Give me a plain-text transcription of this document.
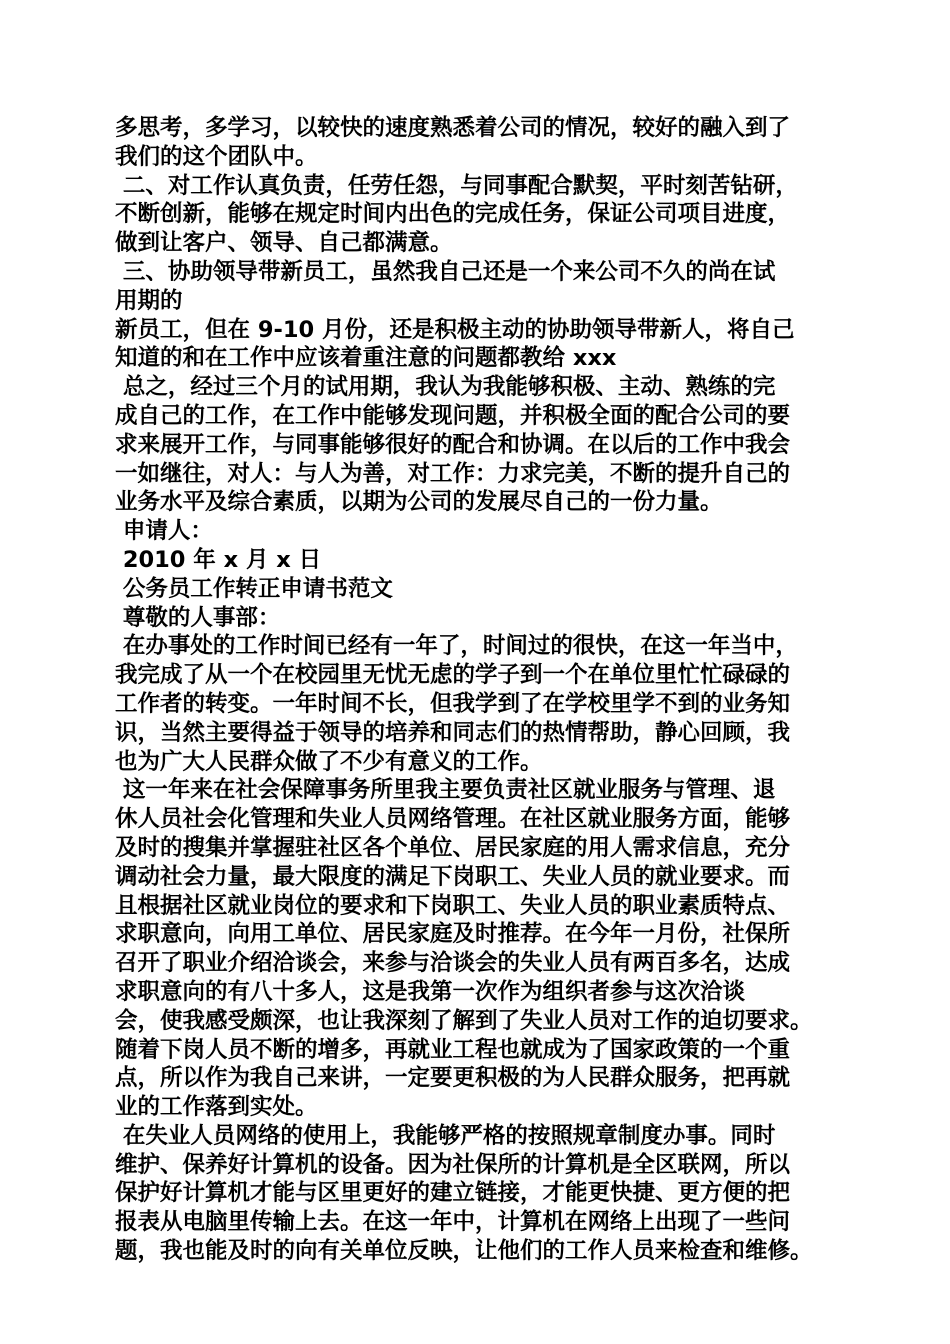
多思考，多学习，以较快的速度熟悉着公司的情况，较好的融入到了
我们的这个团队中。
二、对工作认真负责，任劳任怨，与同事配合默契，平时刻苦钻研，
不断创新，能够在规定时间内出色的完成任务，保证公司项目进度，
做到让客户、领导、自己都满意。
三、协助领导带新员工，虽然我自己还是一个来公司不久的尚在试
用期的
新员工，但在 9-10 月份，还是积极主动的协助领导带新人，将自己
知道的和在工作中应该着重注意的问题都教给 xxx
总之，经过三个月的试用期，我认为我能够积极、主动、熟练的完
成自己的工作，在工作中能够发现问题，并积极全面的配合公司的要
求来展开工作，与同事能够很好的配合和协调。在以后的工作中我会
一如继往，对人：与人为善，对工作：力求完美，不断的提升自己的
业务水平及综合素质，以期为公司的发展尽自己的一份力量。
申请人：
2010 年 x 月 x 日
公务员工作转正申请书范文
尊敬的人事部：
在办事处的工作时间已经有一年了，时间过的很快，在这一年当中，
我完成了从一个在校园里无忧无虑的学子到一个在单位里忙忙碌碌的
工作者的转变。一年时间不长，但我学到了在学校里学不到的业务知
识，当然主要得益于领导的培养和同志们的热情帮助，静心回顾，我
也为广大人民群众做了不少有意义的工作。
这一年来在社会保障事务所里我主要负责社区就业服务与管理、退
休人员社会化管理和失业人员网络管理。在社区就业服务方面，能够
及时的搜集并掌握驻社区各个单位、居民家庭的用人需求信息，充分
调动社会力量，最大限度的满足下岗职工、失业人员的就业要求。而
且根据社区就业岗位的要求和下岗职工、失业人员的职业素质特点、
求职意向，向用工单位、居民家庭及时推荐。在今年一月份，社保所
召开了职业介绍洽谈会，来参与洽谈会的失业人员有两百多名，达成
求职意向的有八十多人，这是我第一次作为组织者参与这次洽谈
会，使我感受颇深，也让我深刻了解到了失业人员对工作的迫切要求。
随着下岗人员不断的增多，再就业工程也就成为了国家政策的一个重
点，所以作为我自己来讲，一定要更积极的为人民群众服务，把再就
业的工作落到实处。
在失业人员网络的使用上，我能够严格的按照规章制度办事。同时
维护、保养好计算机的设备。因为社保所的计算机是全区联网，所以
保护好计算机才能与区里更好的建立链接，才能更快捷、更方便的把
报表从电脑里传输上去。在这一年中，计算机在网络上出现了一些问
题，我也能及时的向有关单位反映，让他们的工作人员来检查和维修。
